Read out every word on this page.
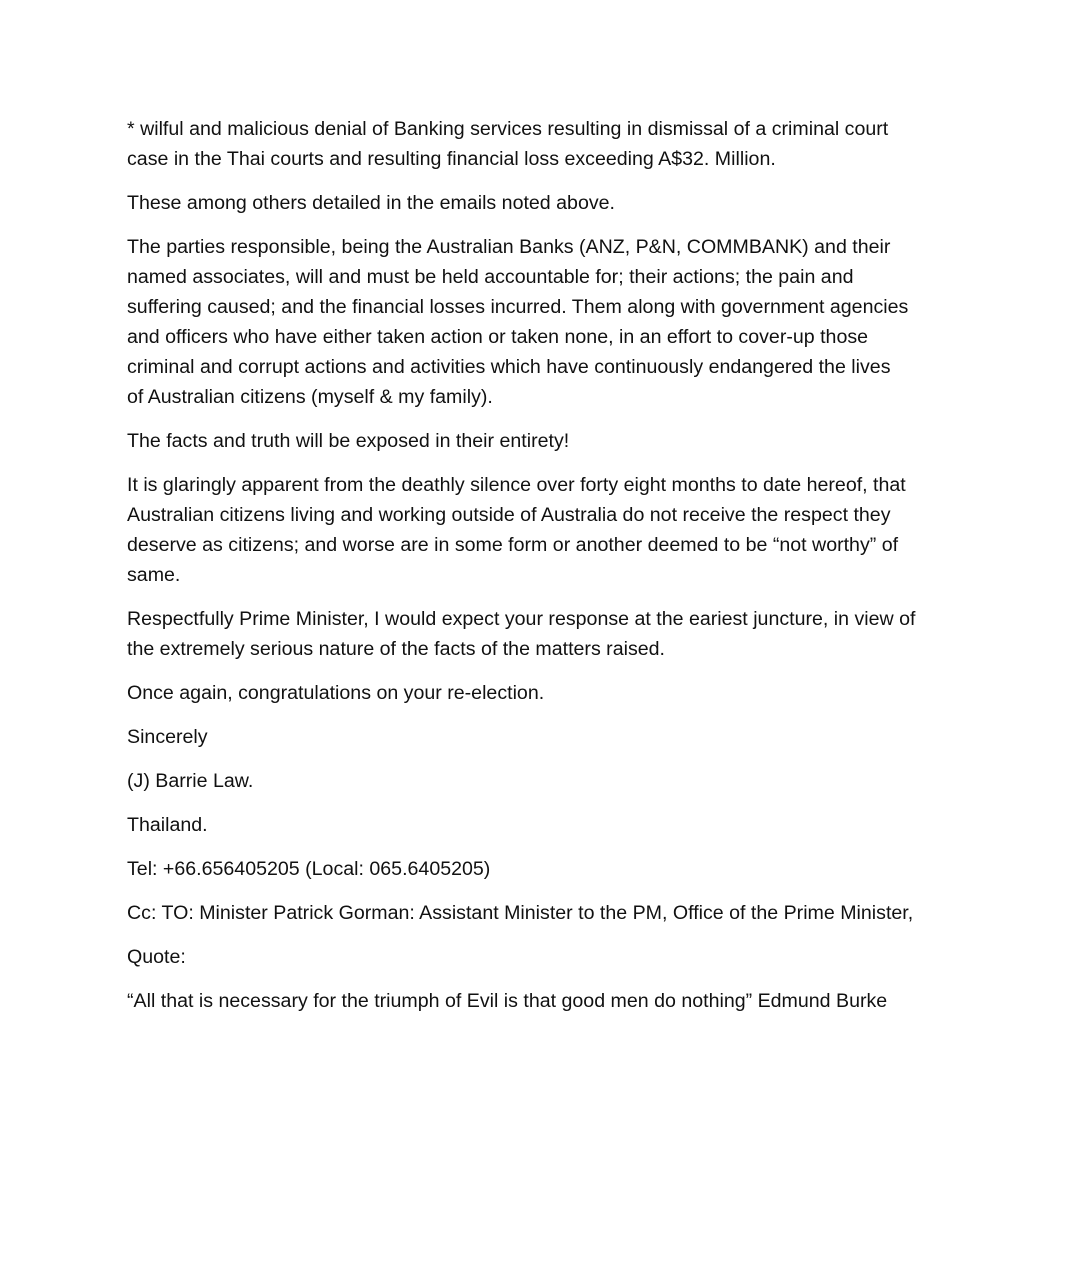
* wilful and malicious denial of Banking services resulting in dismissal of a criminal court
case in the Thai courts and resulting financial loss exceeding A$32. Million.

These among others detailed in the emails noted above.

The parties responsible, being the Australian Banks (ANZ, P&N, COMMBANK) and their
named associates, will and must be held accountable for; their actions; the pain and
suffering caused; and the financial losses incurred. Them along with government agencies
and officers who have either taken action or taken none, in an effort to cover-up those
criminal and corrupt actions and activities which have continuously endangered the lives
of Australian citizens (myself & my family).

The facts and truth will be exposed in their entirety!

It is glaringly apparent from the deathly silence over forty eight months to date hereof, that
Australian citizens living and working outside of Australia do not receive the respect they
deserve as citizens; and worse are in some form or another deemed to be “not worthy” of
same.

Respectfully Prime Minister, I would expect your response at the eariest juncture, in view of
the extremely serious nature of the facts of the matters raised.

Once again, congratulations on your re-election.

Sincerely

(J) Barrie Law.

Thailand.

Tel: +66.656405205 (Local: 065.6405205)

Cc: TO: Minister Patrick Gorman: Assistant Minister to the PM, Office of the Prime Minister,

Quote:

“All that is necessary for the triumph of Evil is that good men do nothing” Edmund Burke
